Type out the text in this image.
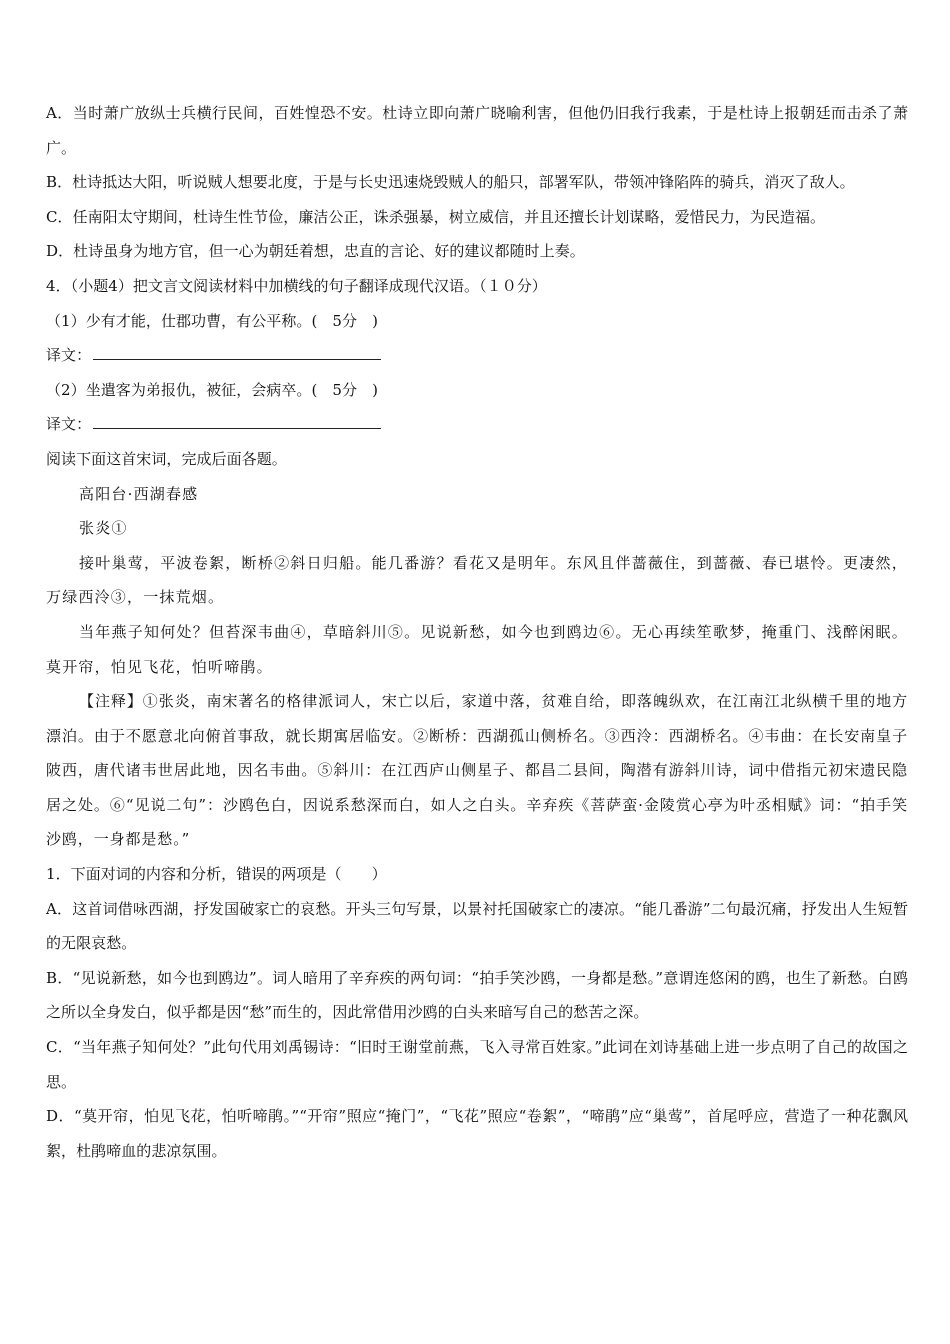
A．当时萧广放纵士兵横行民间，百姓惶恐不安。杜诗立即向萧广晓喻利害，但他仍旧我行我素，于是杜诗上报朝廷而击杀了萧广。

B．杜诗抵达大阳，听说贼人想要北度，于是与长史迅速烧毁贼人的船只，部署军队，带领冲锋陷阵的骑兵，消灭了敌人。

C．任南阳太守期间，杜诗生性节俭，廉洁公正，诛杀强暴，树立威信，并且还擅长计划谋略，爱惜民力，为民造福。

D．杜诗虽身为地方官，但一心为朝廷着想，忠直的言论、好的建议都随时上奏。

4．（小题4）把文言文阅读材料中加横线的句子翻译成现代汉语。（１０分）

（1）少有才能，仕郡功曹，有公平称。(　5分　)

译文：

（2）坐遣客为弟报仇，被征，会病卒。(　5分　)

译文：

阅读下面这首宋词，完成后面各题。

高阳台·西湖春感

张炎①

接叶巢莺，平波卷絮，断桥②斜日归船。能几番游？看花又是明年。东风且伴蔷薇住，到蔷薇、春已堪怜。更凄然，万绿西泠③，一抹荒烟。

当年燕子知何处？但苔深韦曲④，草暗斜川⑤。见说新愁，如今也到鸥边⑥。无心再续笙歌梦，掩重门、浅醉闲眠。莫开帘，怕见飞花，怕听啼鹃。

【注释】①张炎，南宋著名的格律派词人，宋亡以后，家道中落，贫难自给，即落魄纵欢，在江南江北纵横千里的地方漂泊。由于不愿意北向俯首事敌，就长期寓居临安。②断桥：西湖孤山侧桥名。③西泠：西湖桥名。④韦曲：在长安南皇子陂西，唐代诸韦世居此地，因名韦曲。⑤斜川：在江西庐山侧星子、都昌二县间，陶潜有游斜川诗，词中借指元初宋遗民隐居之处。⑥“见说二句”：沙鸥色白，因说系愁深而白，如人之白头。辛弃疾《菩萨蛮·金陵赏心亭为叶丞相赋》词：“拍手笑沙鸥，一身都是愁。”

1．下面对词的内容和分析，错误的两项是（　　）

A．这首词借咏西湖，抒发国破家亡的哀愁。开头三句写景，以景衬托国破家亡的凄凉。“能几番游”二句最沉痛，抒发出人生短暂的无限哀愁。

B．“见说新愁，如今也到鸥边”。词人暗用了辛弃疾的两句词：“拍手笑沙鸥，一身都是愁。”意谓连悠闲的鸥，也生了新愁。白鸥之所以全身发白，似乎都是因“愁”而生的，因此常借用沙鸥的白头来暗写自己的愁苦之深。

C．“当年燕子知何处？”此句代用刘禹锡诗：“旧时王谢堂前燕，飞入寻常百姓家。”此词在刘诗基础上进一步点明了自己的故国之思。

D．“莫开帘，怕见飞花，怕听啼鹃。”“开帘”照应“掩门”，“飞花”照应“卷絮”，“啼鹃”应“巢莺”，首尾呼应，营造了一种花飘风絮，杜鹃啼血的悲凉氛围。
